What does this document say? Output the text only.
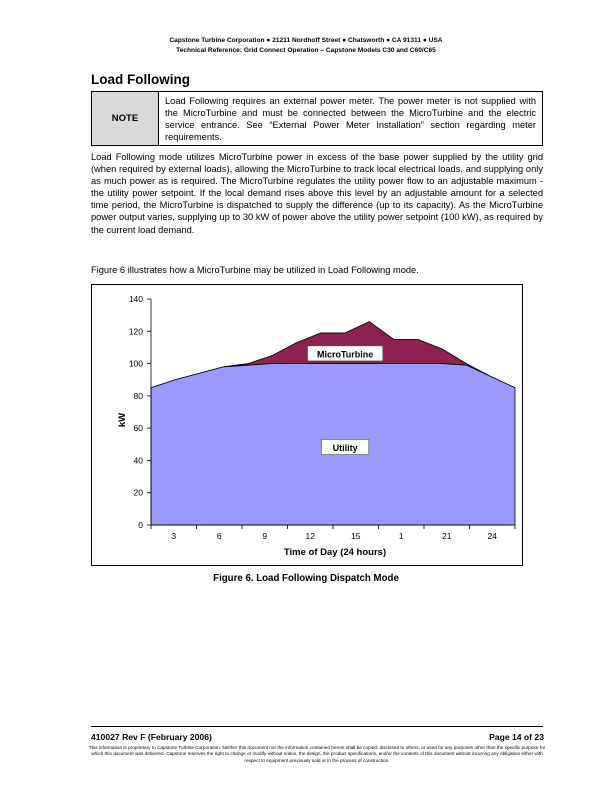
Capstone Turbine Corporation ● 21211 Nordhoff Street ● Chatsworth ● CA 91311 ● USA
Technical Reference: Grid Connect Operation – Capstone Models C30 and C60/C65
Load Following
NOTE
Load Following requires an external power meter. The power meter is not supplied with the MicroTurbine and must be connected between the MicroTurbine and the electric service entrance. See “External Power Meter Installation” section regarding meter requirements.
Load Following mode utilizes MicroTurbine power in excess of the base power supplied by the utility grid (when required by external loads), allowing the MicroTurbine to track local electrical loads, and supplying only as much power as is required. The MicroTurbine regulates the utility power flow to an adjustable maximum - the utility power setpoint. If the local demand rises above this level by an adjustable amount for a selected time period, the MicroTurbine is dispatched to supply the difference (up to its capacity). As the MicroTurbine power output varies, supplying up to 30 kW of power above the utility power setpoint (100 kW), as required by the current load demand.
Figure 6 illustrates how a MicroTurbine may be utilized in Load Following mode.
0
20
40
60
80
100
120
140
3	6	9	12	15	1	21	24
MicroTurbine
Utility
kW
Time of Day (24 hours)
Figure 6. Load Following Dispatch Mode
410027 Rev F (February 2006)	Page 14 of 23
This information is proprietary to Capstone Turbine Corporation. Neither this document nor the information contained herein shall be copied, disclosed to others, or used for any purposes other than the specific purpose for which this document was delivered. Capstone reserves the right to change or modify without notice, the design, the product specifications, and/or the contents of this document without incurring any obligation either with respect to equipment previously sold or in the process of construction.
